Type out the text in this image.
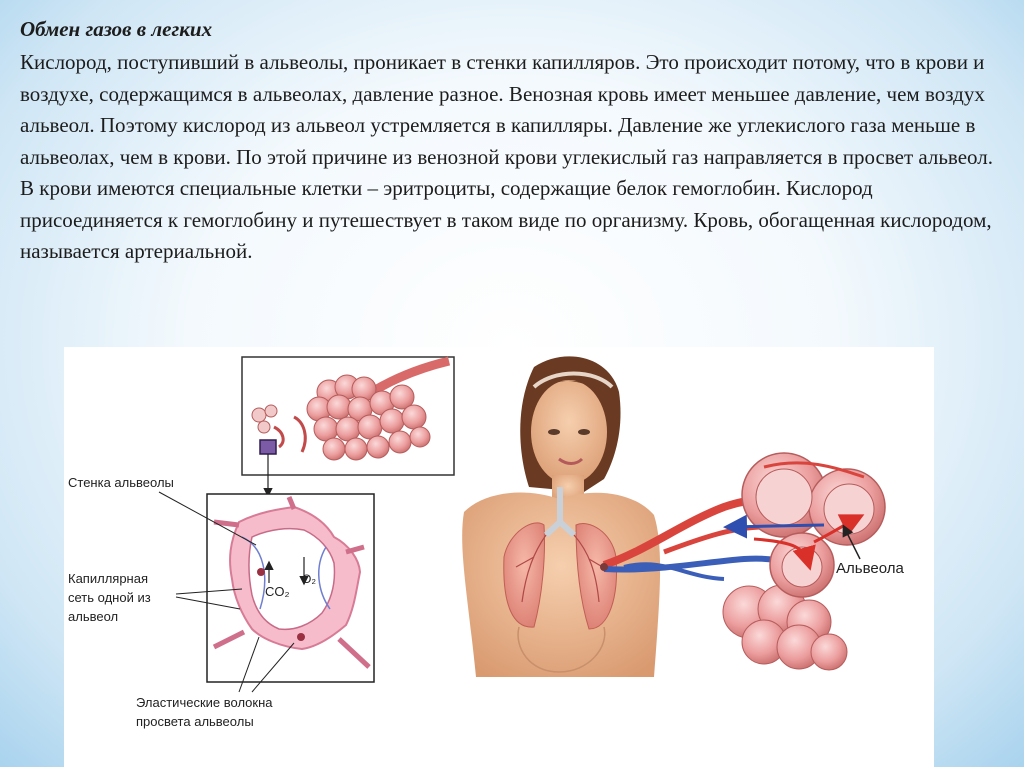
Обмен газов в легких

Кислород, поступивший в альвеолы, проникает в стенки капилляров. Это происходит потому, что в крови и воздухе, содержащимся в альвеолах, давление разное. Венозная кровь имеет меньшее давление, чем воздух альвеол. Поэтому кислород из альвеол устремляется в капилляры. Давление же углекислого газа меньше в альвеолах, чем в крови. По этой причине из венозной крови углекислый газ направляется в просвет альвеол.

В крови имеются специальные клетки – эритроциты, содержащие белок гемоглобин. Кислород присоединяется к гемоглобину и путешествует в таком виде по организму. Кровь, обогащенная кислородом, называется артериальной.

CO₂
O₂
Стенка альвеолы
Капиллярная
сеть одной из
альвеол
Эластические волокна
просвета альвеолы
Альвеола
